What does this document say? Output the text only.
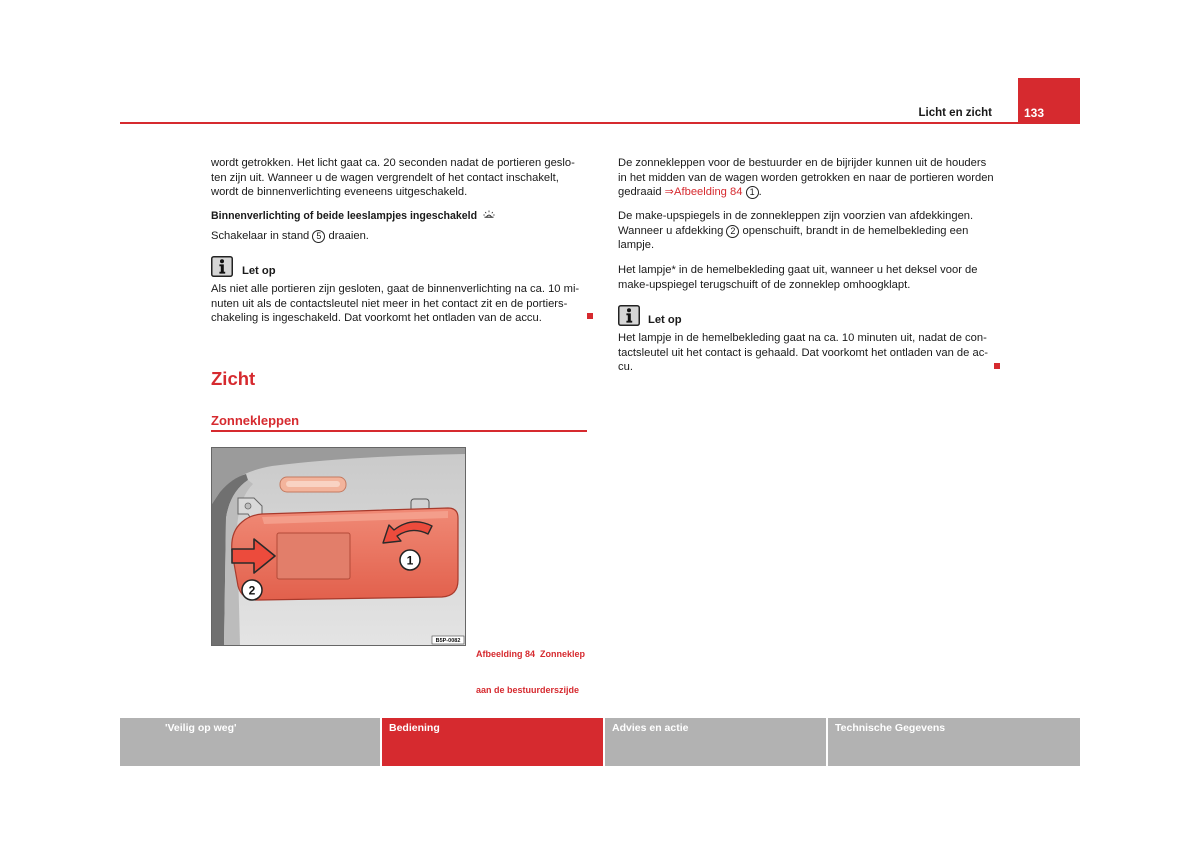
Licht en zicht	133
wordt getrokken. Het licht gaat ca. 20 seconden nadat de portieren geslo-
ten zijn uit. Wanneer u de wagen vergrendelt of het contact inschakelt,
wordt de binnenverlichting eveneens uitgeschakeld.
Binnenverlichting of beide leeslampjes ingeschakeld
Schakelaar in stand 5 draaien.
Let op
Als niet alle portieren zijn gesloten, gaat de binnenverlichting na ca. 10 mi-
nuten uit als de contactsleutel niet meer in het contact zit en de portiers-
chakeling is ingeschakeld. Dat voorkomt het ontladen van de accu.
Zicht
Zonnekleppen
1
2
B5P-0082

Afbeelding 84  Zonneklep

aan de bestuurderszijde

De zonnekleppen voor de bestuurder en de bijrijder kunnen uit de houders
in het midden van de wagen worden getrokken en naar de portieren worden
gedraaid ⇒Afbeelding 84 1 .
De make-upspiegels in de zonnekleppen zijn voorzien van afdekkingen.
Wanneer u afdekking 2 openschuift, brandt in de hemelbekleding een
lampje.
Het lampje* in de hemelbekleding gaat uit, wanneer u het deksel voor de
make-upspiegel terugschuift of de zonneklep omhoogklapt.
Let op
Het lampje in de hemelbekleding gaat na ca. 10 minuten uit, nadat de con-
tactsleutel uit het contact is gehaald. Dat voorkomt het ontladen van de ac-
cu.
'Veilig op weg'	Bediening	Advies en actie	Technische Gegevens
